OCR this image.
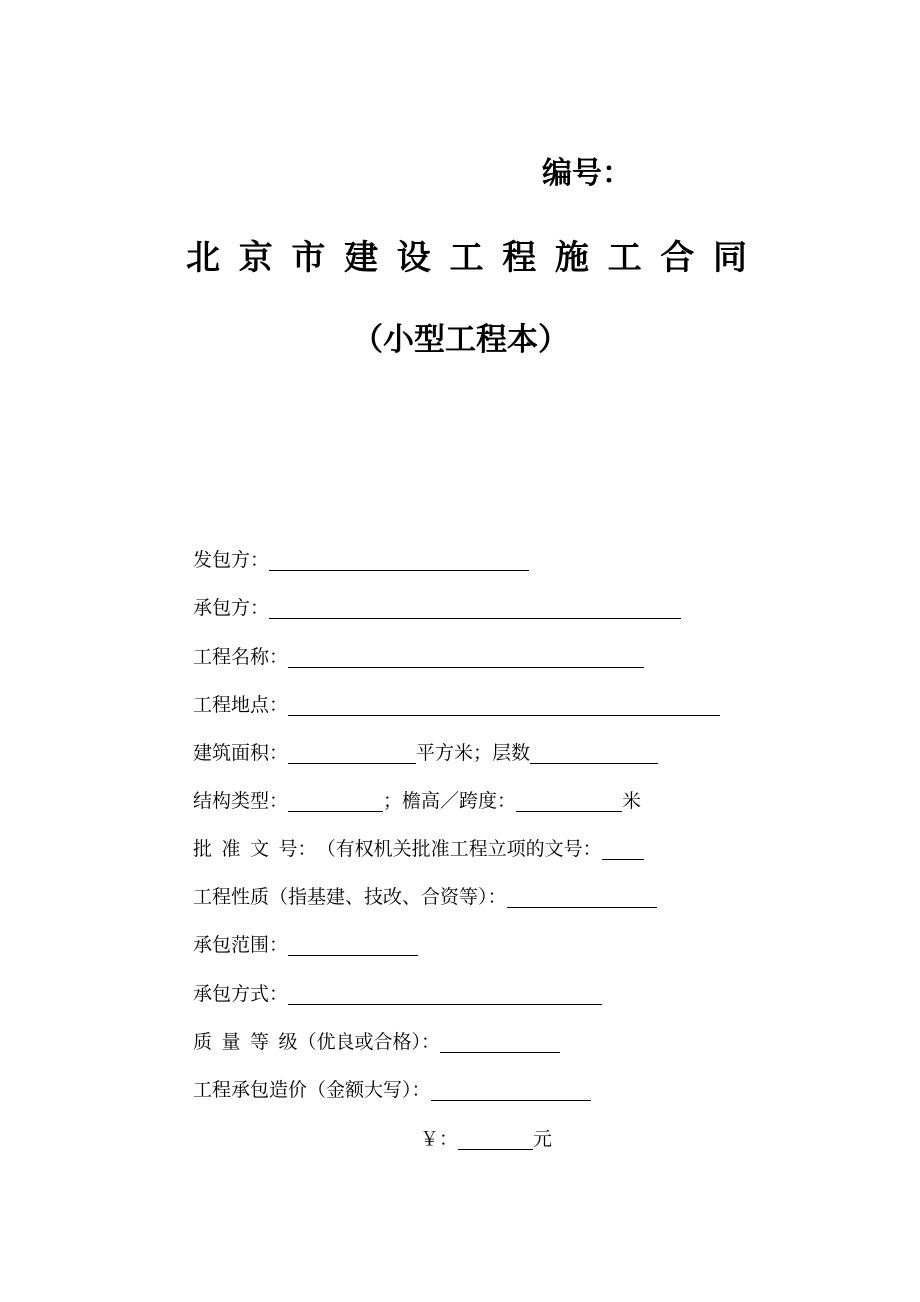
编号：
北京市建设工程施工合同
（小型工程本）
发包方：
承包方：
工程名称：
工程地点：
建筑面积：	平方米；层数
结构类型：	；檐高／跨度：	米
批 准 文 号： （有权机关批准工程立项的文号：
工程性质（指基建、技改、合资等）：
承包范围：
承包方式：
质 量 等 级（优良或合格）：
工程承包造价（金额大写）：
￥：	元
